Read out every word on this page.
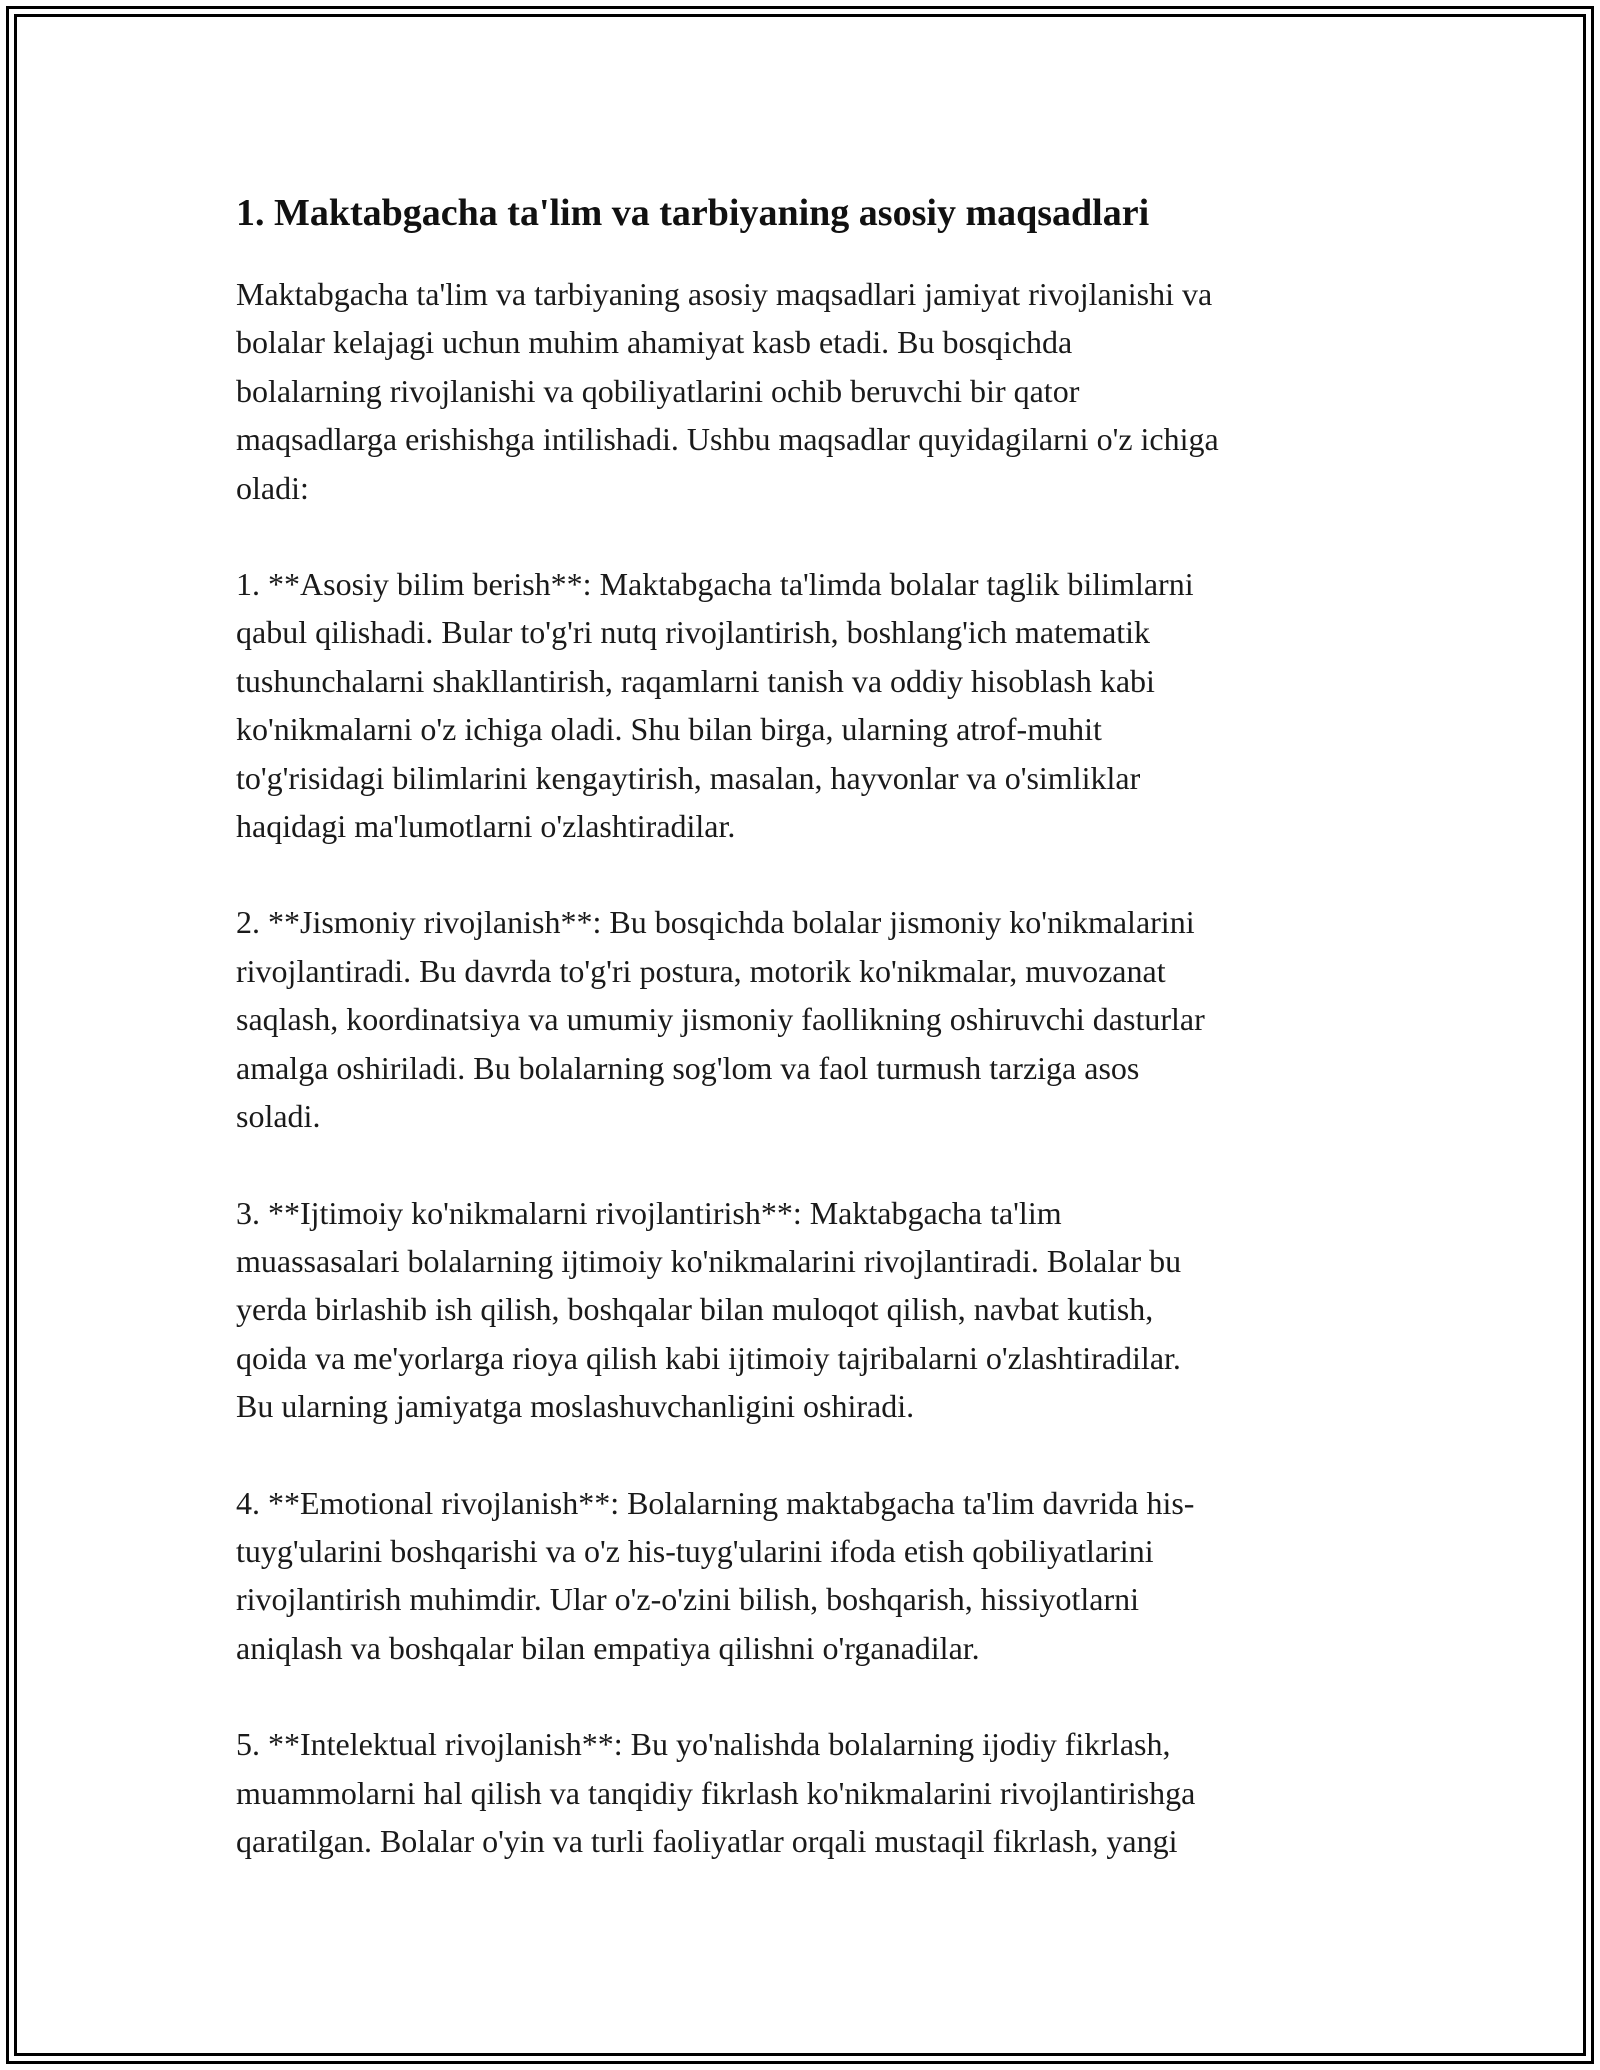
1. Maktabgacha ta'lim va tarbiyaning asosiy maqsadlari

Maktabgacha ta'lim va tarbiyaning asosiy maqsadlari jamiyat rivojlanishi va
bolalar kelajagi uchun muhim ahamiyat kasb etadi. Bu bosqichda
bolalarning rivojlanishi va qobiliyatlarini ochib beruvchi bir qator
maqsadlarga erishishga intilishadi. Ushbu maqsadlar quyidagilarni o'z ichiga
oladi:

1. **Asosiy bilim berish**: Maktabgacha ta'limda bolalar taglik bilimlarni
qabul qilishadi. Bular to'g'ri nutq rivojlantirish, boshlang'ich matematik
tushunchalarni shakllantirish, raqamlarni tanish va oddiy hisoblash kabi
ko'nikmalarni o'z ichiga oladi. Shu bilan birga, ularning atrof-muhit
to'g'risidagi bilimlarini kengaytirish, masalan, hayvonlar va o'simliklar
haqidagi ma'lumotlarni o'zlashtiradilar.

2. **Jismoniy rivojlanish**: Bu bosqichda bolalar jismoniy ko'nikmalarini
rivojlantiradi. Bu davrda to'g'ri postura, motorik ko'nikmalar, muvozanat
saqlash, koordinatsiya va umumiy jismoniy faollikning oshiruvchi dasturlar
amalga oshiriladi. Bu bolalarning sog'lom va faol turmush tarziga asos
soladi.

3. **Ijtimoiy ko'nikmalarni rivojlantirish**: Maktabgacha ta'lim
muassasalari bolalarning ijtimoiy ko'nikmalarini rivojlantiradi. Bolalar bu
yerda birlashib ish qilish, boshqalar bilan muloqot qilish, navbat kutish,
qoida va me'yorlarga rioya qilish kabi ijtimoiy tajribalarni o'zlashtiradilar.
Bu ularning jamiyatga moslashuvchanligini oshiradi.

4. **Emotional rivojlanish**: Bolalarning maktabgacha ta'lim davrida his-
tuyg'ularini boshqarishi va o'z his-tuyg'ularini ifoda etish qobiliyatlarini
rivojlantirish muhimdir. Ular o'z-o'zini bilish, boshqarish, hissiyotlarni
aniqlash va boshqalar bilan empatiya qilishni o'rganadilar.

5. **Intelektual rivojlanish**: Bu yo'nalishda bolalarning ijodiy fikrlash,
muammolarni hal qilish va tanqidiy fikrlash ko'nikmalarini rivojlantirishga
qaratilgan. Bolalar o'yin va turli faoliyatlar orqali mustaqil fikrlash, yangi
